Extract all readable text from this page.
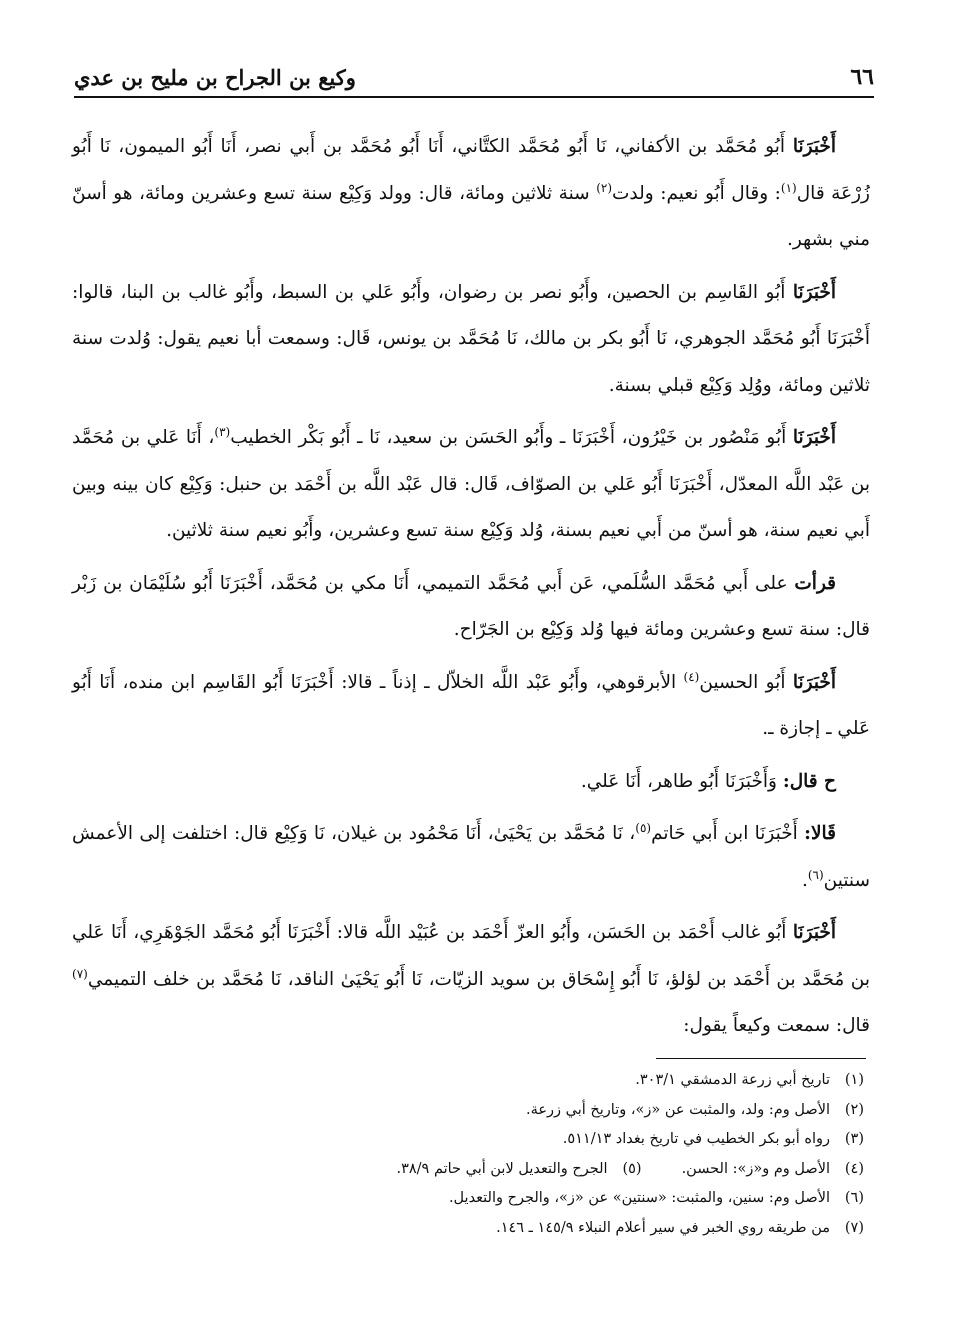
٦٦
وكيع بن الجراح بن مليح بن عدي

أَخْبَرَنَا أَبُو مُحَمَّد بن الأكفاني، نَا أَبُو مُحَمَّد الكتَّاني، أَنَا أَبُو مُحَمَّد بن أَبي نصر، أَنَا أَبُو الميمون، نَا أَبُو زُرْعَة قال$^{(١)}$: وقال أَبُو نعيم: ولدت$^{(٢)}$ سنة ثلاثين ومائة، قال: وولد وَكِيْع سنة تسع وعشرين ومائة، هو أسنّ مني بشهر.

أَخْبَرَنَا أَبُو القَاسِم بن الحصين، وأَبُو نصر بن رضوان، وأَبُو عَلي بن السبط، وأَبُو غالب بن البنا، قالوا: أَخْبَرَنَا أَبُو مُحَمَّد الجوهري، نَا أَبُو بكر بن مالك، نَا مُحَمَّد بن يونس، قَال: وسمعت أبا نعيم يقول: وُلدت سنة ثلاثين ومائة، ووُلِد وَكِيْع قبلي بسنة.

أَخْبَرَنَا أَبُو مَنْصُور بن خَيْرُون، أَخْبَرَنَا ـ وأَبُو الحَسَن بن سعيد، نَا ـ أَبُو بَكْر الخطيب$^{(٣)}$، أَنَا عَلي بن مُحَمَّد بن عَبْد اللَّه المعدّل، أَخْبَرَنَا أَبُو عَلي بن الصوّاف، قَال: قال عَبْد اللَّه بن أَحْمَد بن حنبل: وَكِيْع كان بينه وبين أَبي نعيم سنة، هو أسنّ من أَبي نعيم بسنة، وُلد وَكِيْع سنة تسع وعشرين، وأَبُو نعيم سنة ثلاثين.

قرأت على أَبي مُحَمَّد السُّلَمي، عَن أَبي مُحَمَّد التميمي، أَنَا مكي بن مُحَمَّد، أَخْبَرَنَا أَبُو سُلَيْمَان بن زَبْر قال: سنة تسع وعشرين ومائة فيها وُلد وَكِيْع بن الجَرّاح.

أَخْبَرَنَا أَبُو الحسين$^{(٤)}$ الأبرقوهي، وأَبُو عَبْد اللَّه الخلاّل ـ إذناً ـ قالا: أَخْبَرَنَا أَبُو القَاسِم ابن منده، أَنَا أَبُو عَلي ـ إجازة ـ.

ح قال: وَأَخْبَرَنَا أَبُو طاهر، أَنَا عَلي.

قَالا: أَخْبَرَنَا ابن أَبي حَاتم$^{(٥)}$، نَا مُحَمَّد بن يَحْيَىٰ، أَنَا مَحْمُود بن غيلان، نَا وَكِيْع قال: اختلفت إلى الأعمش سنتين$^{(٦)}$.

أَخْبَرَنَا أَبُو غالب أَحْمَد بن الحَسَن، وأَبُو العزّ أَحْمَد بن عُبَيْد اللَّه قالا: أَخْبَرَنَا أَبُو مُحَمَّد الجَوْهَرِي، أَنَا عَلي بن مُحَمَّد بن أَحْمَد بن لؤلؤ، نَا أَبُو إِسْحَاق بن سويد الزيّات، نَا أَبُو يَحْيَىٰ الناقد، نَا مُحَمَّد بن خلف التميمي$^{(٧)}$ قال: سمعت وكيعاً يقول:

(١)
تاريخ أبي زرعة الدمشقي ٣٠٣/١.
(٢)
الأصل وم: ولد، والمثبت عن «ز»، وتاريخ أبي زرعة.
(٣)
رواه أبو بكر الخطيب في تاريخ بغداد ٥١١/١٣.
(٤)
الأصل وم و«ز»: الحسن.
(٥)
الجرح والتعديل لابن أبي حاتم ٣٨/٩.
(٦)
الأصل وم: سنين، والمثبت: «سنتين» عن «ز»، والجرح والتعديل.
(٧)
من طريقه روي الخبر في سير أعلام النبلاء ١٤٥/٩ ـ ١٤٦.
